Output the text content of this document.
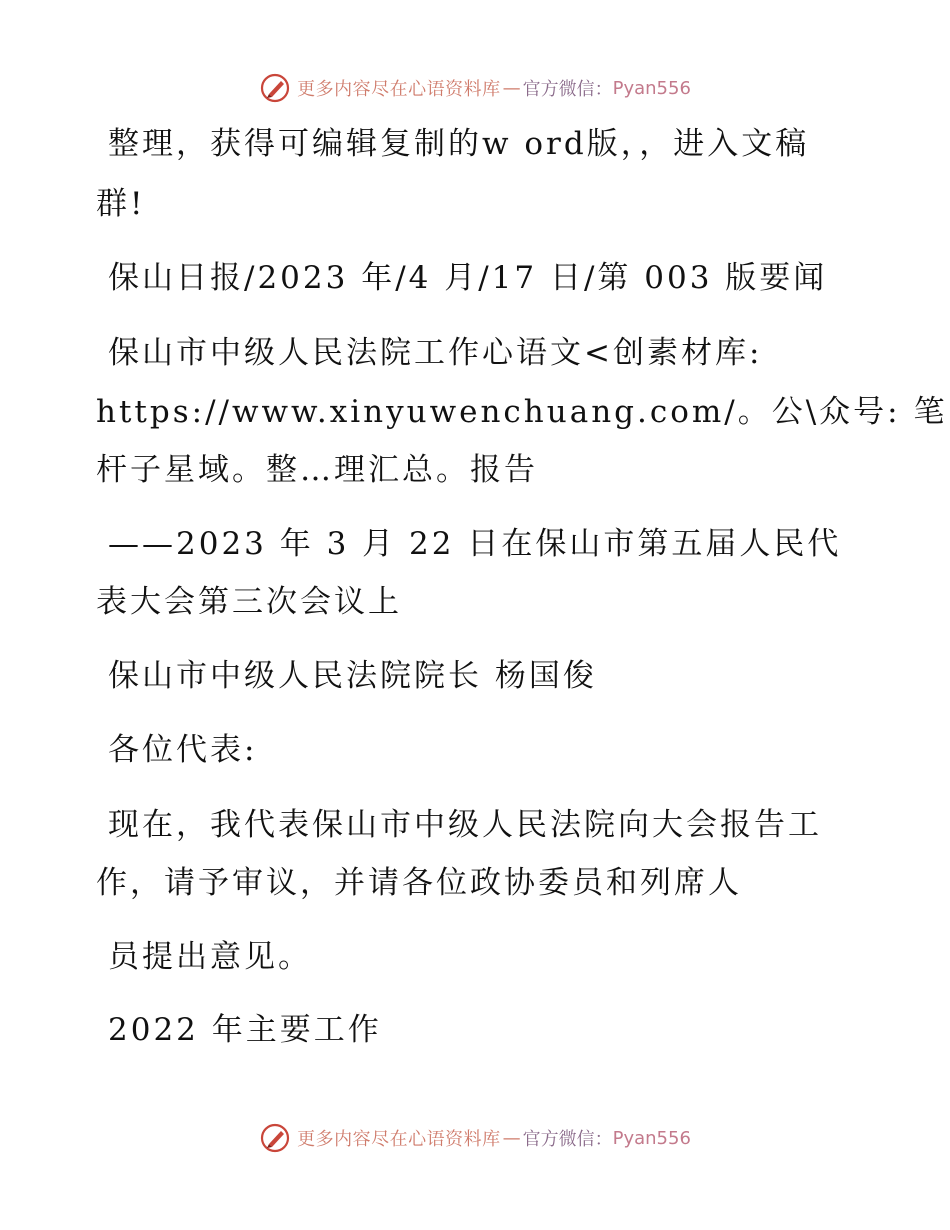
更多内容尽在心语资料库 — 官方微信： Pyan556
整理，获得可编辑复制的w ord版，，进入文稿
群!
保山日报/2023 年/4 月/17 日/第 003 版要闻
保山市中级人民法院工作心语文<创素材库:
https://www.xinyuwenchuang.com/。公\众号: 笔
杆子星域。整…理汇总。报告
——2023 年 3 月 22 日在保山市第五届人民代
表大会第三次会议上
保山市中级人民法院院长 杨国俊
各位代表:
现在，我代表保山市中级人民法院向大会报告工
作，请予审议，并请各位政协委员和列席人
员提出意见。
2022 年主要工作
更多内容尽在心语资料库 — 官方微信： Pyan556
